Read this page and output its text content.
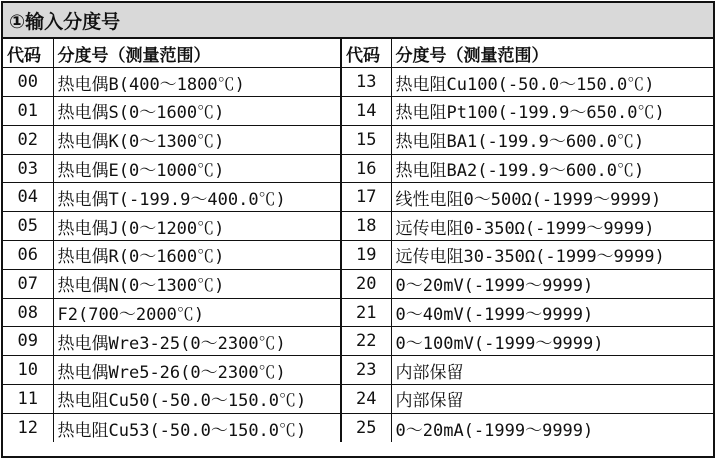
①输入分度号
代码	分度号（测量范围）	代码	分度号（测量范围）
00	热电偶B(400～1800℃)	13	热电阻Cu100(-50.0～150.0℃)
01	热电偶S(0～1600℃)	14	热电阻Pt100(-199.9～650.0℃)
02	热电偶K(0～1300℃)	15	热电阻BA1(-199.9～600.0℃)
03	热电偶E(0～1000℃)	16	热电阻BA2(-199.9～600.0℃)
04	热电偶T(-199.9～400.0℃)	17	线性电阻0～500Ω(-1999～9999)
05	热电偶J(0～1200℃)	18	远传电阻0-350Ω(-1999～9999)
06	热电偶R(0～1600℃)	19	远传电阻30-350Ω(-1999～9999)
07	热电偶N(0～1300℃)	20	0～20mV(-1999～9999)
08	F2(700～2000℃)	21	0～40mV(-1999～9999)
09	热电偶Wre3-25(0～2300℃)	22	0～100mV(-1999～9999)
10	热电偶Wre5-26(0～2300℃)	23	内部保留
11	热电阻Cu50(-50.0～150.0℃)	24	内部保留
12	热电阻Cu53(-50.0～150.0℃)	25	0～20mA(-1999～9999)
